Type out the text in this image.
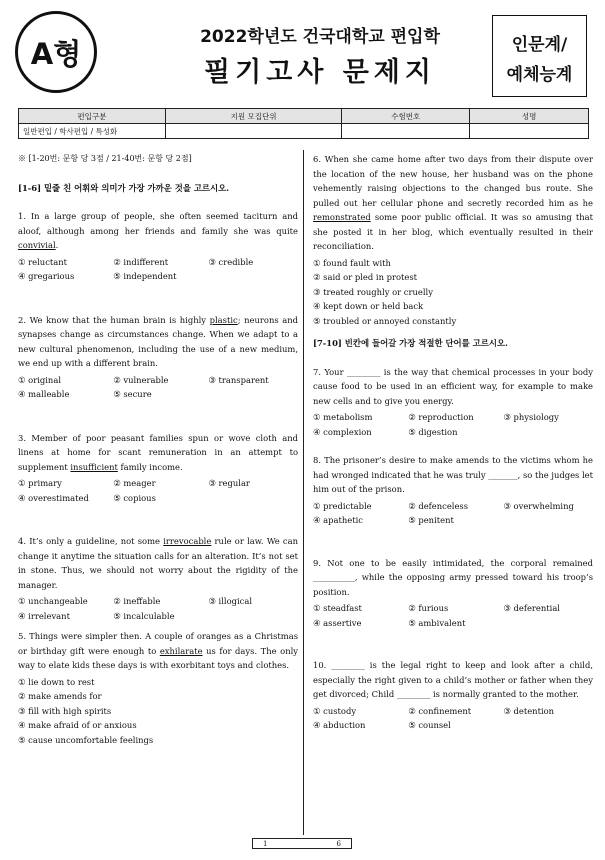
A형	2022학년도 건국대학교 편입학
필기고사 문제지
인문계/
예체능계
편입구분	지원 모집단위	수험번호	성명
일반편입 / 학사편입 / 특성화			

※ [1-20번: 문항 당 3점 / 21-40번: 문항 당 2점]

[1-6] 밑줄 친 어휘와 의미가 가장 가까운 것을 고르시오.

1. In a large group of people, she often seemed taciturn and aloof, although among her friends and family she was quite convivial.

① reluctant	② indifferent	③ credible
④ gregarious	⑤ independent

2. We know that the human brain is highly plastic; neurons and synapses change as circumstances change. When we adapt to a new cultural phenomenon, including the use of a new medium, we end up with a different brain.

① original	② vulnerable	③ transparent
④ malleable	⑤ secure

3. Member of poor peasant families spun or wove cloth and linens at home for scant remuneration in an attempt to supplement insufficient family income.

① primary	② meager	③ regular
④ overestimated	⑤ copious

4. It’s only a guideline, not some irrevocable rule or law. We can change it anytime the situation calls for an alteration. It’s not set in stone. Thus, we should not worry about the rigidity of the manager.

① unchangeable	② ineffable	③ illogical
④ irrelevant	⑤ incalculable

5. Things were simpler then. A couple of oranges as a Christmas or birthday gift were enough to exhilarate us for days. The only way to elate kids these days is with exorbitant toys and clothes.

① lie down to rest
② make amends for
③ fill with high spirits
④ make afraid of or anxious
⑤ cause uncomfortable feelings

6. When she came home after two days from their dispute over the location of the new house, her husband was on the phone vehemently raising objections to the changed bus route. She pulled out her cellular phone and secretly recorded him as he remonstrated some poor public official. It was so amusing that she posted it in her blog, which eventually resulted in their reconciliation.

① found fault with
② said or pled in protest
③ treated roughly or cruelly
④ kept down or held back
⑤ troubled or annoyed constantly

[7-10] 빈칸에 들어갈 가장 적절한 단어를 고르시오.

7. Your ________ is the way that chemical processes in your body cause food to be used in an efficient way, for example to make new cells and to give you energy.

① metabolism	② reproduction	③ physiology
④ complexion	⑤ digestion

8. The prisoner’s desire to make amends to the victims whom he had wronged indicated that he was truly _______, so the judges let him out of the prison.

① predictable	② defenceless	③ overwhelming
④ apathetic	⑤ penitent

9. Not one to be easily intimidated, the corporal remained __________, while the opposing army pressed toward his troop’s position.

① steadfast	② furious	③ deferential
④ assertive	⑤ ambivalent

10. ________ is the legal right to keep and look after a child, especially the right given to a child’s mother or father when they get divorced; Child ________ is normally granted to the mother.

① custody	② confinement	③ detention
④ abduction	⑤ counsel
1	6
